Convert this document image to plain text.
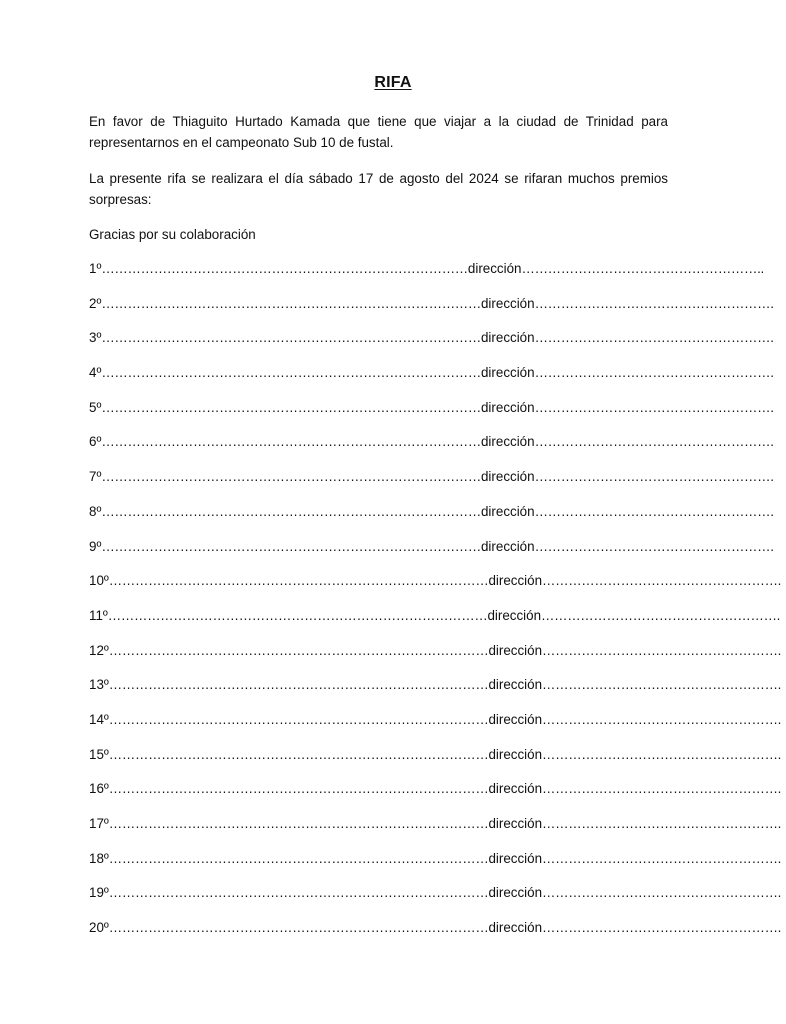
RIFA
En favor de Thiaguito Hurtado Kamada que tiene que viajar a la ciudad de Trinidad para representarnos en el campeonato Sub 10 de fustal.
La presente rifa se realizara el día sábado 17 de agosto del 2024 se rifaran muchos premios sorpresas:
Gracias por su colaboración
1º ………………………………………………………………………… dirección ………………………………………………..
2º …………………………………………………………………………… dirección ……………………………………………….
3º …………………………………………………………………………… dirección ……………………………………………….
4º …………………………………………………………………………… dirección ……………………………………………….
5º …………………………………………………………………………… dirección ……………………………………………….
6º …………………………………………………………………………… dirección ……………………………………………….
7º …………………………………………………………………………… dirección ……………………………………………….
8º …………………………………………………………………………… dirección ……………………………………………….
9º …………………………………………………………………………… dirección ……………………………………………….
10º …………………………………………………………………………… dirección ……………………………………………….
11º …………………………………………………………………………… dirección ……………………………………………….
12º …………………………………………………………………………… dirección ……………………………………………….
13º …………………………………………………………………………… dirección ……………………………………………….
14º …………………………………………………………………………… dirección ……………………………………………….
15º …………………………………………………………………………… dirección ……………………………………………….
16º …………………………………………………………………………… dirección ……………………………………………….
17º …………………………………………………………………………… dirección ……………………………………………….
18º …………………………………………………………………………… dirección ……………………………………………….
19º …………………………………………………………………………… dirección ……………………………………………….
20º …………………………………………………………………………… dirección ……………………………………………….
